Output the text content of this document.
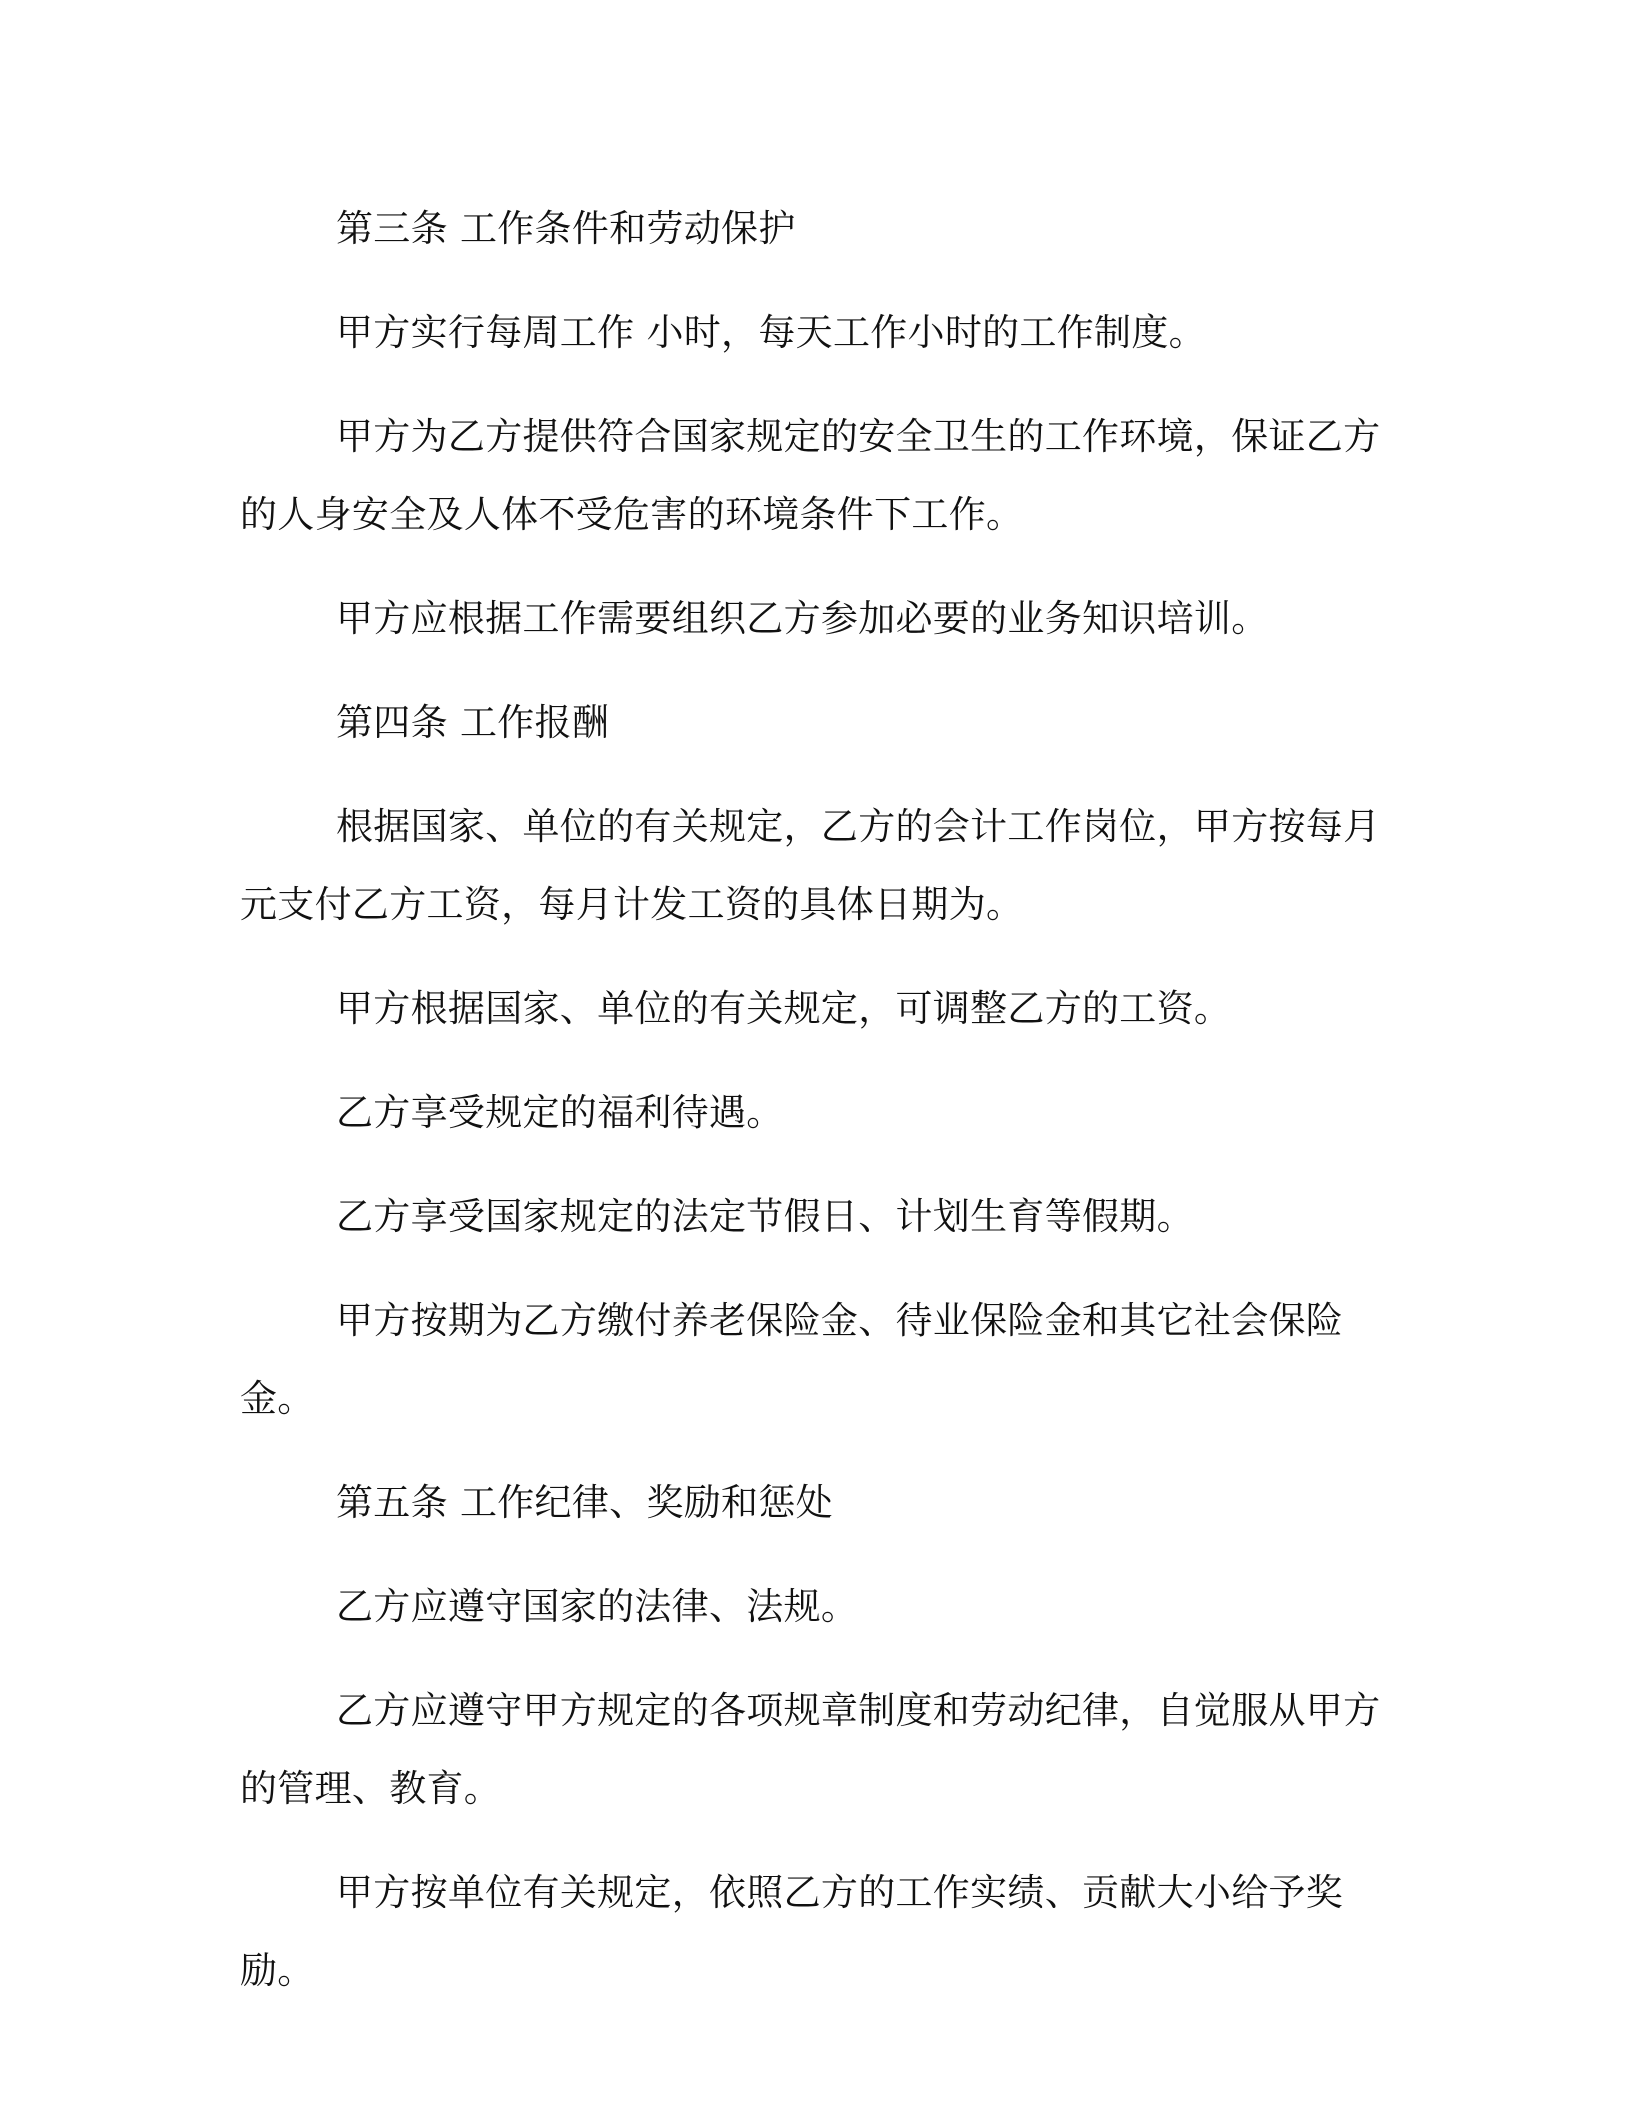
第三条 工作条件和劳动保护

甲方实行每周工作 小时，每天工作小时的工作制度。

甲方为乙方提供符合国家规定的安全卫生的工作环境，保证乙方的人身安全及人体不受危害的环境条件下工作。

甲方应根据工作需要组织乙方参加必要的业务知识培训。

第四条 工作报酬

根据国家、单位的有关规定，乙方的会计工作岗位，甲方按每月元支付乙方工资，每月计发工资的具体日期为。

甲方根据国家、单位的有关规定，可调整乙方的工资。

乙方享受规定的福利待遇。

乙方享受国家规定的法定节假日、计划生育等假期。

甲方按期为乙方缴付养老保险金、待业保险金和其它社会保险金。

第五条 工作纪律、奖励和惩处

乙方应遵守国家的法律、法规。

乙方应遵守甲方规定的各项规章制度和劳动纪律，自觉服从甲方的管理、教育。

甲方按单位有关规定，依照乙方的工作实绩、贡献大小给予奖励。
